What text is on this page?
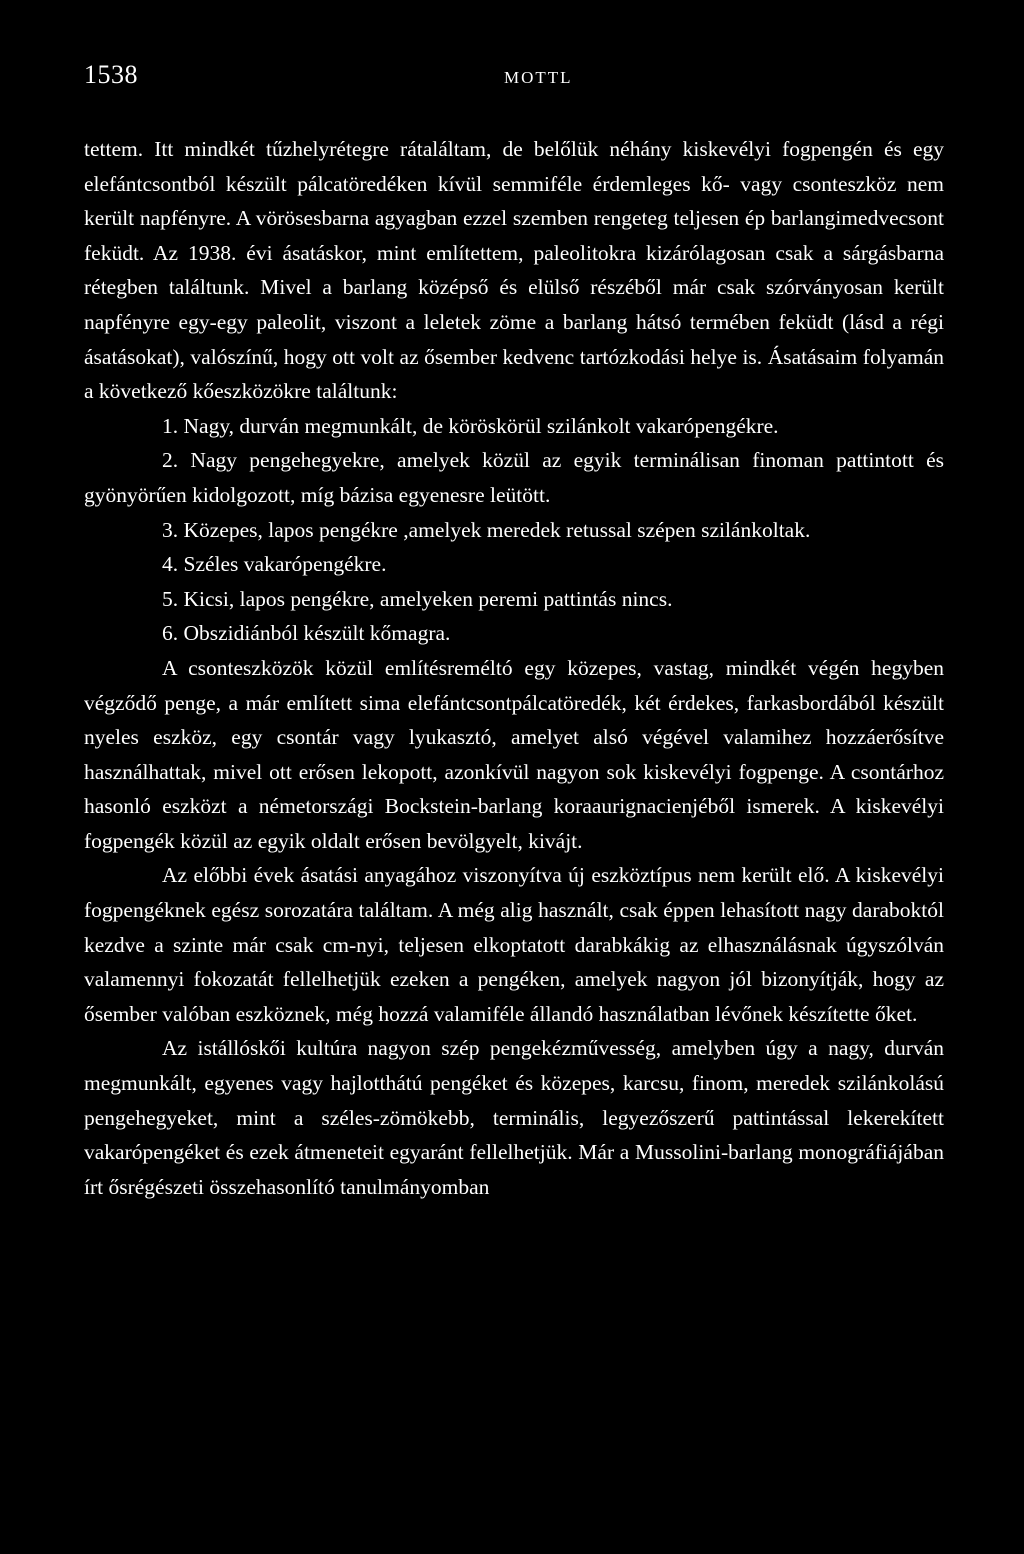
1538	MOTTL

tettem. Itt mindkét tűzhelyrétegre rátaláltam, de belőlük néhány kiskevélyi fogpengén és egy elefántcsontból készült pálcatöredéken kívül semmiféle érdemleges kő- vagy csonteszköz nem került napfényre. A vörösesbarna agyagban ezzel szemben rengeteg teljesen ép barlangimedvecsont feküdt. Az 1938. évi ásatáskor, mint említettem, paleolitokra kizárólagosan csak a sárgásbarna rétegben találtunk. Mivel a barlang középső és elülső részéből már csak szórványosan került napfényre egy-egy paleolit, viszont a leletek zöme a barlang hátsó termében feküdt (lásd a régi ásatásokat), valószínű, hogy ott volt az ősember kedvenc tartózkodási helye is. Ásatásaim folyamán a következő kőeszközökre találtunk:

1. Nagy, durván megmunkált, de köröskörül szilánkolt vakarópengékre.

2. Nagy pengehegyekre, amelyek közül az egyik terminálisan finoman pattintott és gyönyörűen kidolgozott, míg bázisa egyenesre leütött.

3. Közepes, lapos pengékre ,amelyek meredek retussal szépen szilánkoltak.

4. Széles vakarópengékre.

5. Kicsi, lapos pengékre, amelyeken peremi pattintás nincs.

6. Obszidiánból készült kőmagra.

A csonteszközök közül említésreméltó egy közepes, vastag, mindkét végén hegyben végződő penge, a már említett sima elefántcsontpálcatöredék, két érdekes, farkasbordából készült nyeles eszköz, egy csontár vagy lyukasztó, amelyet alsó végével valamihez hozzáerősítve használhattak, mivel ott erősen lekopott, azonkívül nagyon sok kiskevélyi fogpenge. A csontárhoz hasonló eszközt a németországi Bockstein-barlang koraaurignacienjéből ismerek. A kiskevélyi fogpengék közül az egyik oldalt erősen bevölgyelt, kivájt.

Az előbbi évek ásatási anyagához viszonyítva új eszköztípus nem került elő. A kiskevélyi fogpengéknek egész sorozatára találtam. A még alig használt, csak éppen lehasított nagy daraboktól kezdve a szinte már csak cm-nyi, teljesen elkoptatott darabkákig az elhasználásnak úgyszólván valamennyi fokozatát fellelhetjük ezeken a pengéken, amelyek nagyon jól bizonyítják, hogy az ősember valóban eszköznek, még hozzá valamiféle állandó használatban lévőnek készítette őket.

Az istállóskői kultúra nagyon szép pengekézművesség, amelyben úgy a nagy, durván megmunkált, egyenes vagy hajlotthátú pengéket és közepes, karcsu, finom, meredek szilánkolású pengehegyeket, mint a széles-zömökebb, terminális, legyezőszerű pattintással lekerekített vakarópengéket és ezek átmeneteit egyaránt fellelhetjük. Már a Mussolini-barlang monográfiájában írt ősrégészeti összehasonlító tanulmányomban
